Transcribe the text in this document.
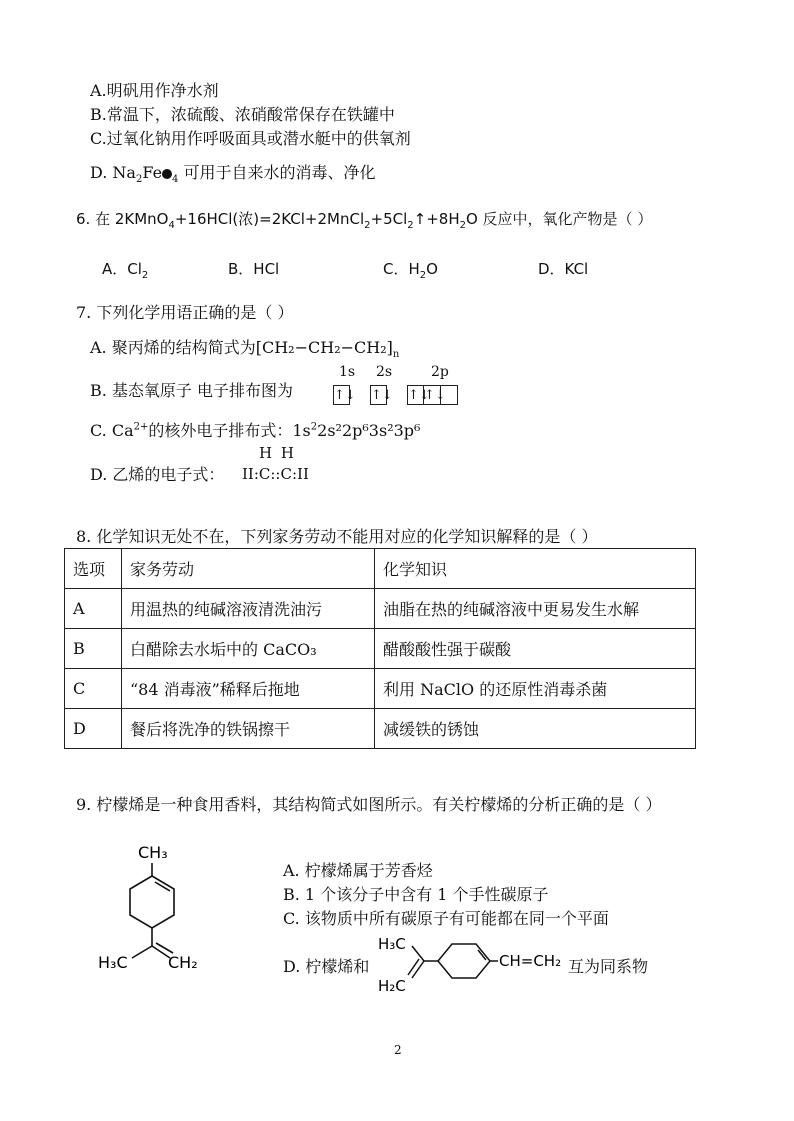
A.明矾用作净水剂
B.常温下，浓硫酸、浓硝酸常保存在铁罐中
C.过氧化钠用作呼吸面具或潜水艇中的供氧剂
D. $Na_2Fe$ $_4$ 可用于自来水的消毒、净化
6. 在 2KMnO$_4$+16HCl(浓)$=2KCl+2MnCl_2+5Cl_2↑+8H_2O$ 反应中，氧化产物是（ ）
A．$Cl_2$	B．HCl	C．$H_2O$	D．KCl
7. 下列化学用语正确的是（ ）
A. 聚丙烯的结构简式为$[CH_2-CH_2-CH_2]_n$
B. 基态氧原子 电子排布图为
1s 2s	2p
↑↓ ↑↓ ↑↓↑↓
C. $Ca^{2+}$的核外电子排布式：$1s^22s^22p^63s^23p^6$
D. 乙烯的电子式：
H H
II:C::C:II
8. 化学知识无处不在，下列家务劳动不能用对应的化学知识解释的是（ ）
选项	家务劳动	化学知识
A	用温热的纯碱溶液清洗油污	油脂在热的纯碱溶液中更易发生水解
B	白醋除去水垢中的 CaCO₃	醋酸酸性强于碳酸
C	“84 消毒液”稀释后拖地	利用 NaClO 的还原性消毒杀菌
D	餐后将洗净的铁锅擦干	减缓铁的锈蚀
9. 柠檬烯是一种食用香料，其结构简式如图所示。有关柠檬烯的分析正确的是（ ）
CH₃
H₃C	CH₂
A. 柠檬烯属于芳香烃
B. 1 个该分子中含有 1 个手性碳原子
C. 该物质中所有碳原子有可能都在同一个平面
D. 柠檬烯和
H₃C
H₂C
CH=CH₂ 互为同系物
2
